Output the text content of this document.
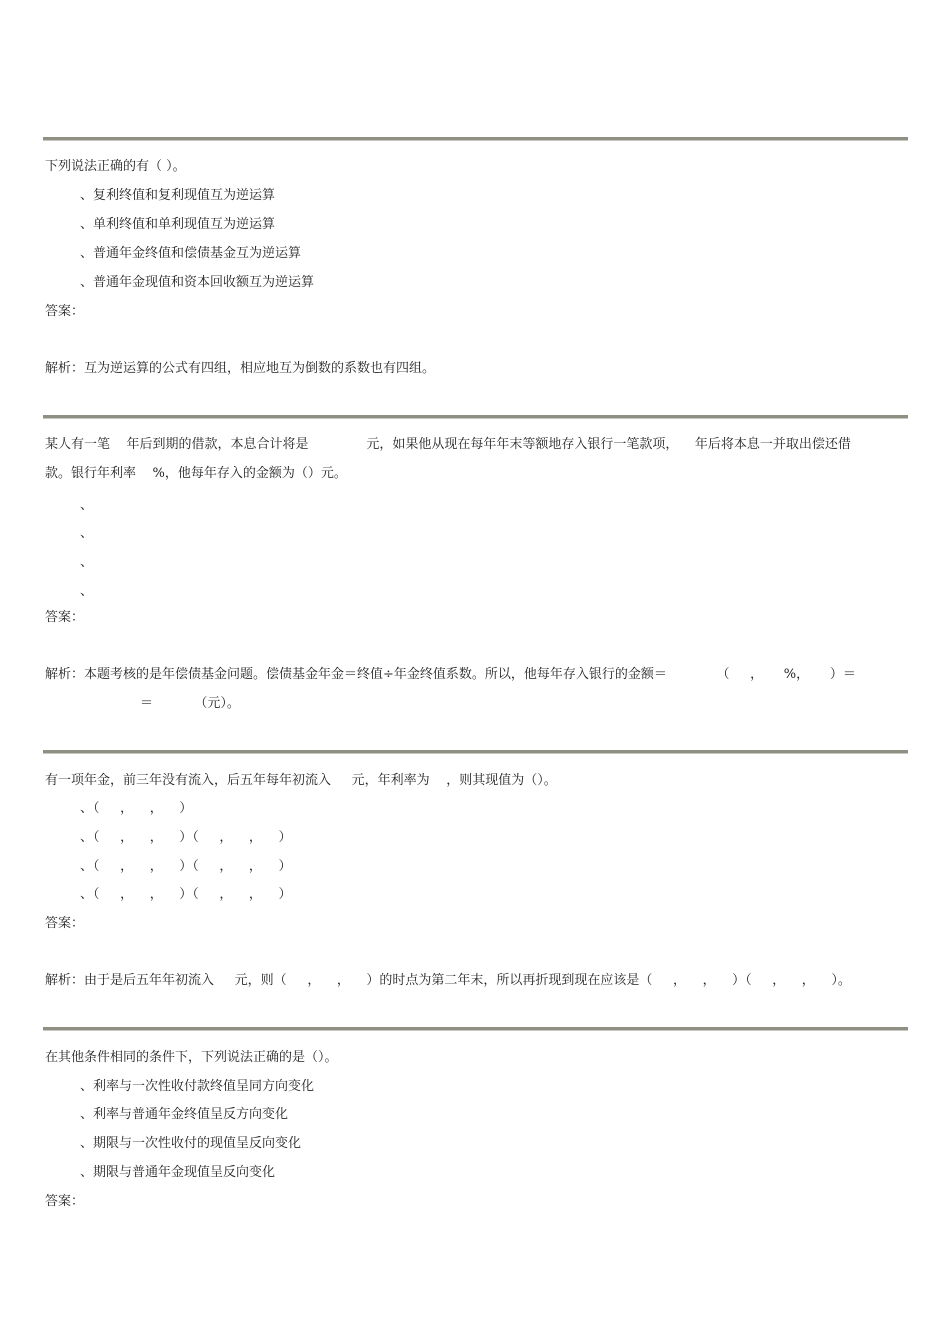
下列说法正确的有（ ）。
、复利终值和复利现值互为逆运算
、单利终值和单利现值互为逆运算
、普通年金终值和偿债基金互为逆运算
、普通年金现值和资本回收额互为逆运算
答案：
解析：互为逆运算的公式有四组，相应地互为倒数的系数也有四组。
某人有一笔    年后到期的借款，本息合计将是              元，如果他从现在每年年末等额地存入银行一笔款项，    年后将本息一并取出偿还借
款。银行年利率    %，他每年存入的金额为（）元。
、
、
、
、
答案：
解析：本题考核的是年偿债基金问题。偿债基金年金＝终值÷年金终值系数。所以，他每年存入银行的金额＝            （     ，     %，     ）＝
＝          （元）。
有一项年金，前三年没有流入，后五年每年初流入     元，年利率为    ，则其现值为（）。
、（     ，    ，    ）
、（     ，    ，    ）（     ，    ，    ）
、（     ，    ，    ）（     ，    ，    ）
、（     ，    ，    ）（     ，    ，    ）
答案：
解析：由于是后五年年初流入     元，则（     ，    ，    ）的时点为第二年末，所以再折现到现在应该是（     ，    ，    ）（     ，    ，    ）。
在其他条件相同的条件下，下列说法正确的是（）。
、利率与一次性收付款终值呈同方向变化
、利率与普通年金终值呈反方向变化
、期限与一次性收付的现值呈反向变化
、期限与普通年金现值呈反向变化
答案：
